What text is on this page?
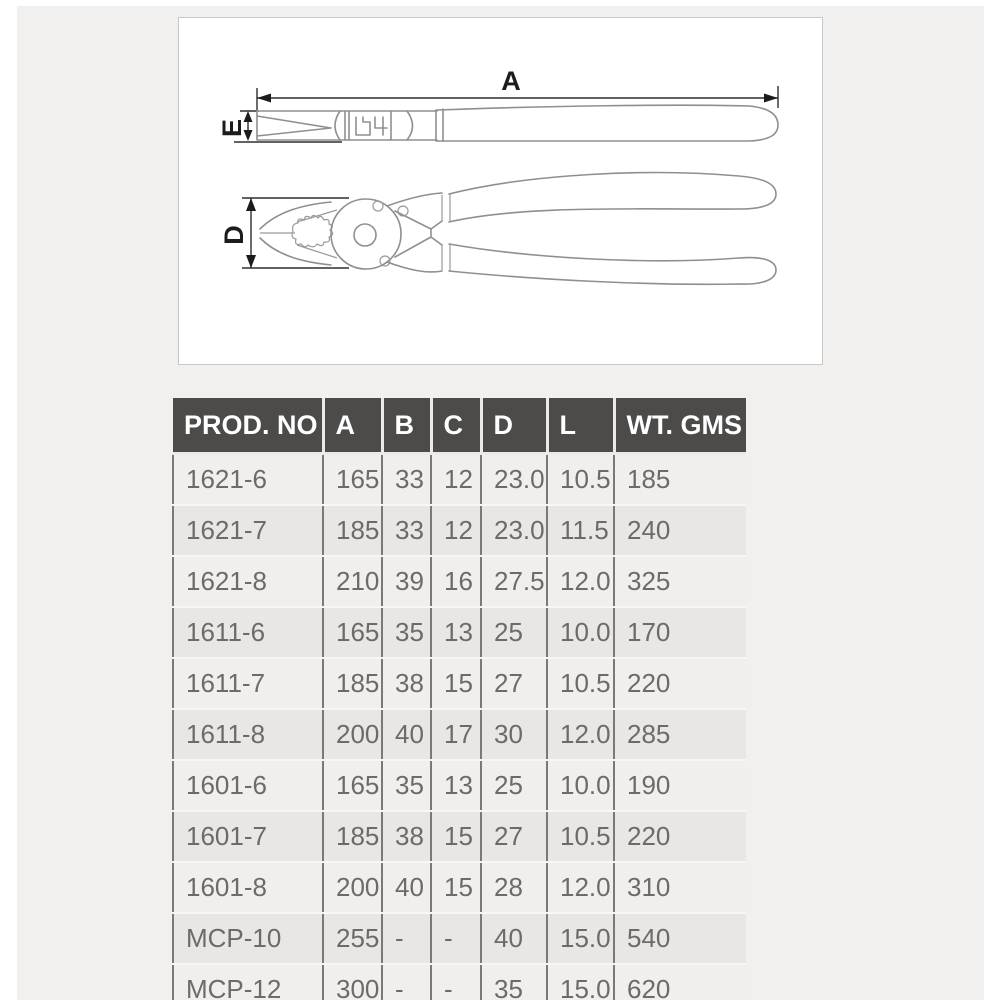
A
E
D
PROD. NO	A	B	C	D	L	WT. GMS
1621-6	165	33	12	23.0	10.5	185
1621-7	185	33	12	23.0	11.5	240
1621-8	210	39	16	27.5	12.0	325
1611-6	165	35	13	25	10.0	170
1611-7	185	38	15	27	10.5	220
1611-8	200	40	17	30	12.0	285
1601-6	165	35	13	25	10.0	190
1601-7	185	38	15	27	10.5	220
1601-8	200	40	15	28	12.0	310
MCP-10	255	-	-	40	15.0	540
MCP-12	300	-	-	35	15.0	620
